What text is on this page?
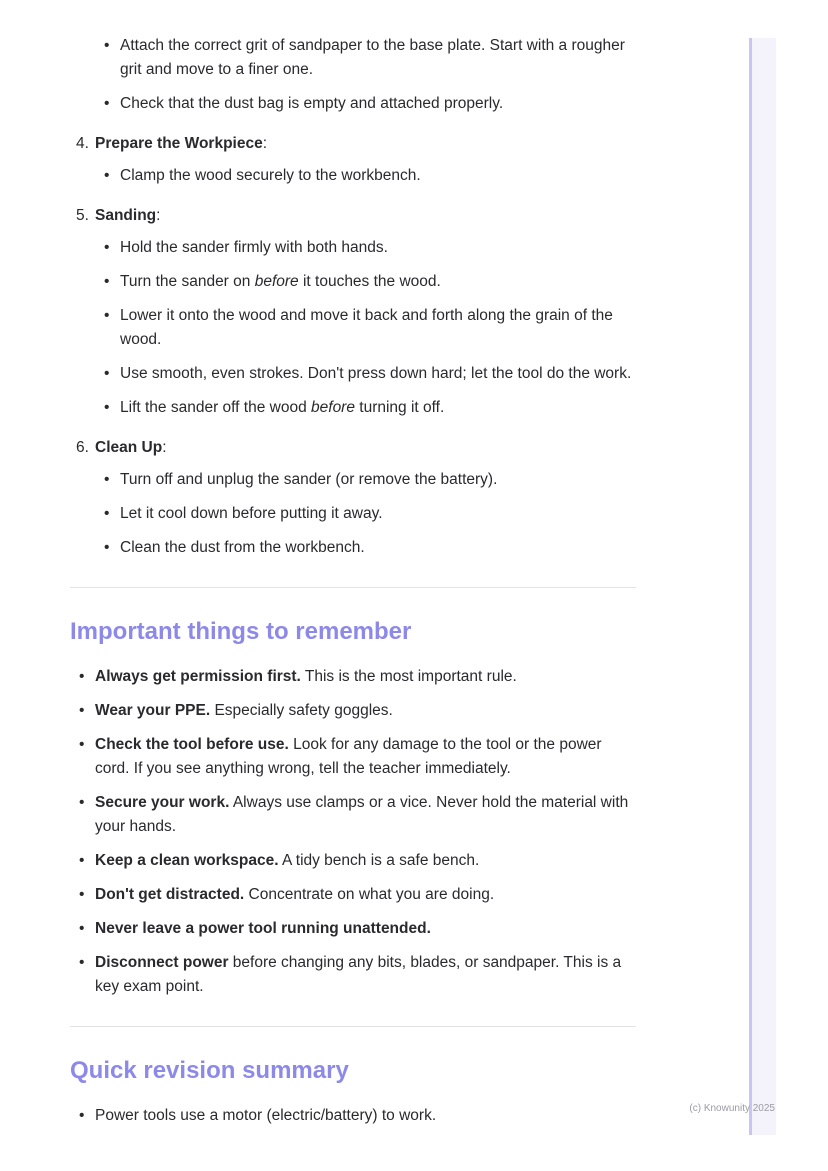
• Attach the correct grit of sandpaper to the base plate. Start with a rougher grit and move to a finer one.
• Check that the dust bag is empty and attached properly.
4. Prepare the Workpiece:
• Clamp the wood securely to the workbench.
5. Sanding:
• Hold the sander firmly with both hands.
• Turn the sander on before it touches the wood.
• Lower it onto the wood and move it back and forth along the grain of the wood.
• Use smooth, even strokes. Don't press down hard; let the tool do the work.
• Lift the sander off the wood before turning it off.
6. Clean Up:
• Turn off and unplug the sander (or remove the battery).
• Let it cool down before putting it away.
• Clean the dust from the workbench.
Important things to remember
• Always get permission first. This is the most important rule.
• Wear your PPE. Especially safety goggles.
• Check the tool before use. Look for any damage to the tool or the power cord. If you see anything wrong, tell the teacher immediately.
• Secure your work. Always use clamps or a vice. Never hold the material with your hands.
• Keep a clean workspace. A tidy bench is a safe bench.
• Don't get distracted. Concentrate on what you are doing.
• Never leave a power tool running unattended.
• Disconnect power before changing any bits, blades, or sandpaper. This is a key exam point.
Quick revision summary
• Power tools use a motor (electric/battery) to work.	(c) Knowunity 2025
